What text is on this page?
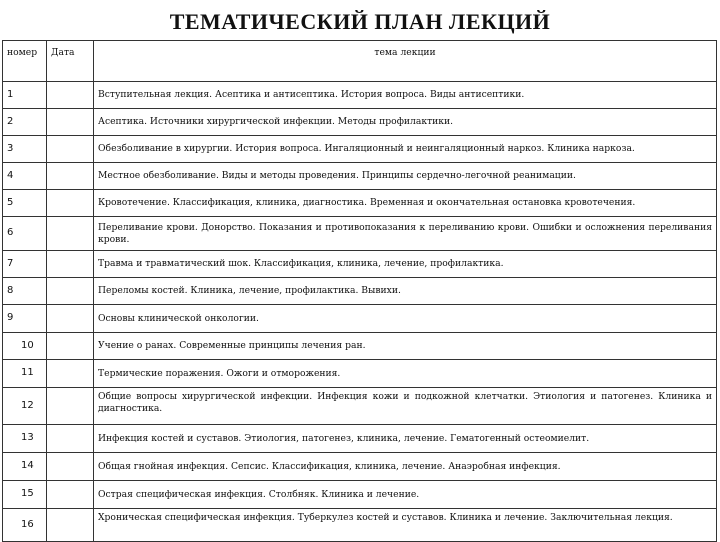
ТЕМАТИЧЕСКИЙ ПЛАН ЛЕКЦИЙ
номер	Дата	тема лекции
1		Вступительная лекция. Асептика и антисептика. История вопроса. Виды антисептики.
2		Асептика. Источники хирургической инфекции. Методы профилактики.
3		Обезболивание в хирургии. История вопроса. Ингаляционный и неингаляционный наркоз. Клиника наркоза.
4		Местное обезболивание. Виды и методы проведения. Принципы сердечно-легочной реанимации.
5		Кровотечение. Классификация, клиника, диагностика. Временная и окончательная остановка кровотечения.
6		Переливание крови. Донорство. Показания и противопоказания к переливанию крови. Ошибки и осложнения переливания крови.
7		Травма и травматический шок. Классификация, клиника, лечение, профилактика.
8		Переломы костей. Клиника, лечение, профилактика. Вывихи.
9		Основы клинической онкологии.
10		Учение о ранах. Современные принципы лечения ран.
11		Термические поражения. Ожоги и отморожения.
12		Общие вопросы хирургической инфекции. Инфекция кожи и подкожной клетчатки. Этиология и патогенез. Клиника и диагностика.
13		Инфекция костей и суставов. Этиология, патогенез, клиника, лечение. Гематогенный остеомиелит.
14		Общая гнойная инфекция. Сепсис. Классификация, клиника, лечение. Анаэробная инфекция.
15		Острая специфическая инфекция. Столбняк. Клиника и лечение.
16		Хроническая специфическая инфекция. Туберкулез костей и суставов. Клиника и лечение. Заключительная лекция.
